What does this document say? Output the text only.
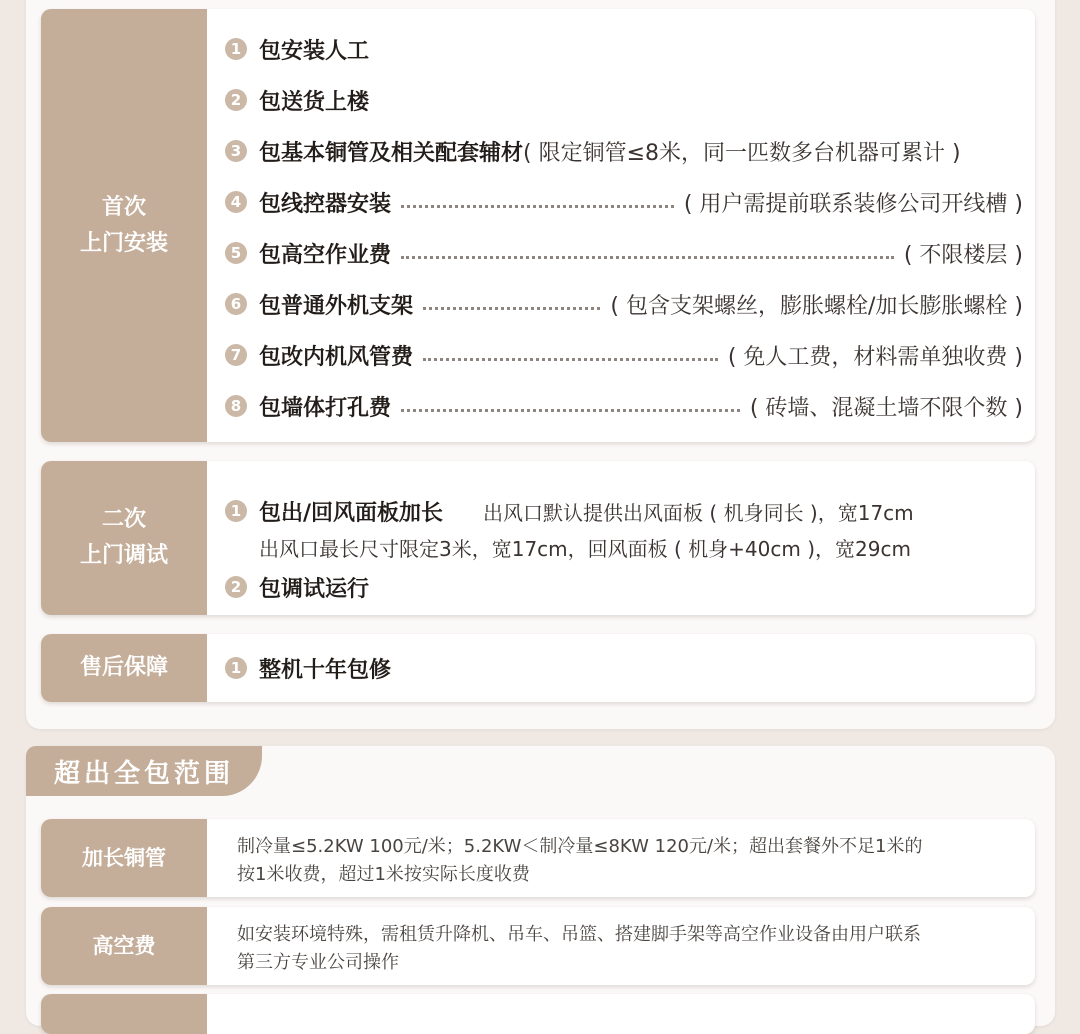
首次
上门安装
1 包安装人工
2 包送货上楼
3 包基本铜管及相关配套辅材 ( 限定铜管≤8米，同一匹数多台机器可累计 )
4 包线控器安装	( 用户需提前联系装修公司开线槽 )
5 包高空作业费	( 不限楼层 )
6 包普通外机支架	( 包含支架螺丝，膨胀螺栓/加长膨胀螺栓 )
7 包改内机风管费	( 免人工费，材料需单独收费 )
8 包墙体打孔费	( 砖墙、混凝土墙不限个数 )
二次
上门调试
1 包出/回风面板加长 出风口默认提供出风面板 ( 机身同长 )，宽17cm
出风口最长尺寸限定3米，宽17cm，回风面板 ( 机身+40cm )，宽29cm
2 包调试运行
售后保障	1 整机十年包修
超出全包范围
加长铜管	制冷量≤5.2KW 100元/米；5.2KW＜制冷量≤8KW 120元/米；超出套餐外不足1米的
按1米收费，超过1米按实际长度收费
高空费	如安装环境特殊，需租赁升降机、吊车、吊篮、搭建脚手架等高空作业设备由用户联系
第三方专业公司操作
